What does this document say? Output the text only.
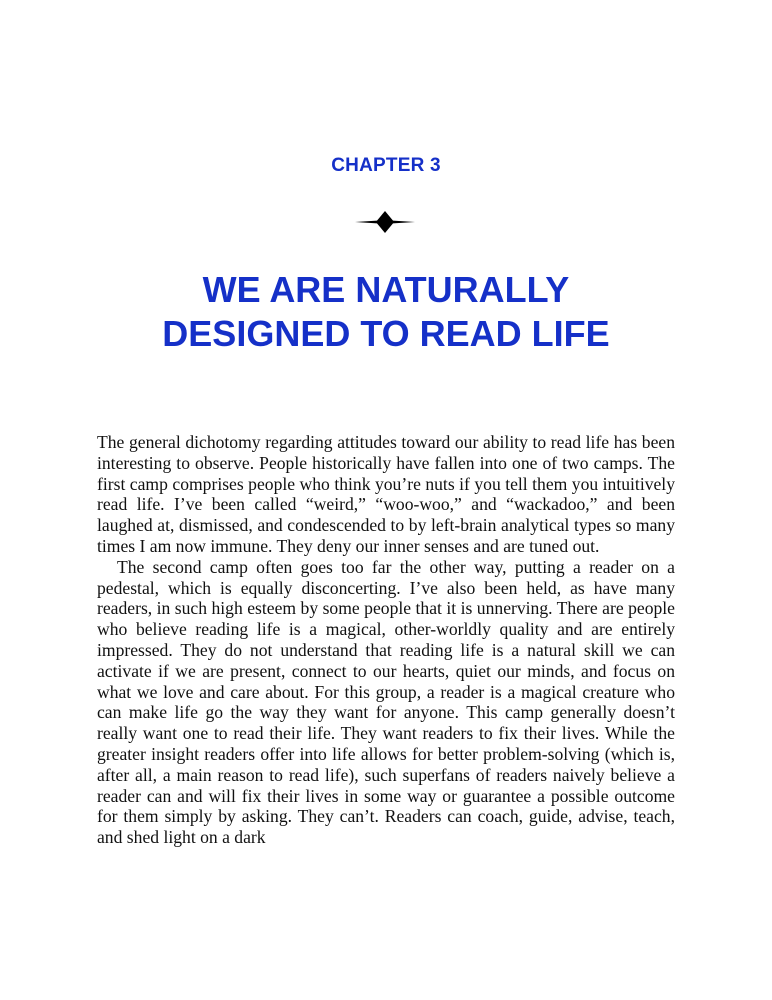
CHAPTER 3
WE ARE NATURALLY
DESIGNED TO READ LIFE

The general dichotomy regarding attitudes toward our ability to read life has been interesting to observe. People historically have fallen into one of two camps. The first camp comprises people who think you’re nuts if you tell them you intuitively read life. I’ve been called “weird,” “woo-woo,” and “wackadoo,” and been laughed at, dismissed, and condescended to by left-brain analytical types so many times I am now immune. They deny our inner senses and are tuned out.

The second camp often goes too far the other way, putting a reader on a pedestal, which is equally disconcerting. I’ve also been held, as have many readers, in such high esteem by some people that it is unnerving. There are people who believe reading life is a magical, other-worldly quality and are entirely impressed. They do not understand that reading life is a natural skill we can activate if we are present, connect to our hearts, quiet our minds, and focus on what we love and care about. For this group, a reader is a magical creature who can make life go the way they want for anyone. This camp generally doesn’t really want one to read their life. They want readers to fix their lives. While the greater insight readers offer into life allows for better problem-solving (which is, after all, a main reason to read life), such superfans of readers naively believe a reader can and will fix their lives in some way or guarantee a possible outcome for them simply by asking. They can’t. Readers can coach, guide, advise, teach, and shed light on a dark
